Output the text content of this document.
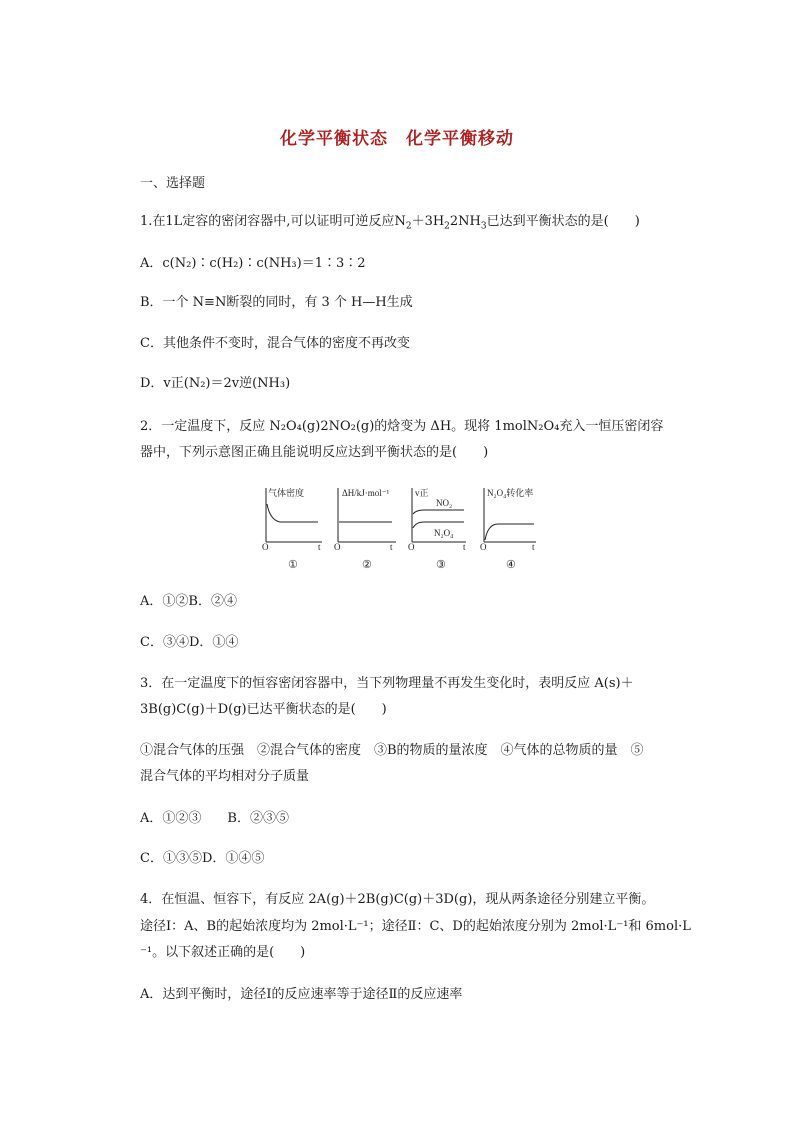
化学平衡状态　化学平衡移动
一、选择题
1.在1L定容的密闭容器中,可以证明可逆反应$N_2+3H_22NH_3$已达到平衡状态的是(　　)
A．c(N₂)∶c(H₂)∶c(NH₃)＝1∶3∶2
B．一个 N≡N断裂的同时，有 3 个 H—H生成
C．其他条件不变时，混合气体的密度不再改变
D．v正(N₂)＝2v逆(NH₃)
2．一定温度下，反应 N₂O₄(g)2NO₂(g)的焓变为 ΔH。现将 1molN₂O₄充入一恒压密闭容
器中，下列示意图正确且能说明反应达到平衡状态的是(　　)
气体密度
O	t
ΔH/kJ·mol⁻¹
O	t
v正
NO₂
N₂O₄
O	t
N₂O₄转化率
O	t
①	②	③	④
A．①②B．②④
C．③④D．①④
3．在一定温度下的恒容密闭容器中，当下列物理量不再发生变化时，表明反应 A(s)＋
3B(g)C(g)＋D(g)已达平衡状态的是(　　)
①混合气体的压强　②混合气体的密度　③B的物质的量浓度　④气体的总物质的量　⑤
混合气体的平均相对分子质量
A．①②③　　B．②③⑤
C．①③⑤D．①④⑤
4．在恒温、恒容下，有反应 2A(g)＋2B(g)C(g)＋3D(g)，现从两条途径分别建立平衡。
途径Ⅰ：A、B的起始浓度均为 2mol·L⁻¹；途径Ⅱ：C、D的起始浓度分别为 2mol·L⁻¹和 6mol·L
⁻¹。以下叙述正确的是(　　)
A．达到平衡时，途径Ⅰ的反应速率等于途径Ⅱ的反应速率
